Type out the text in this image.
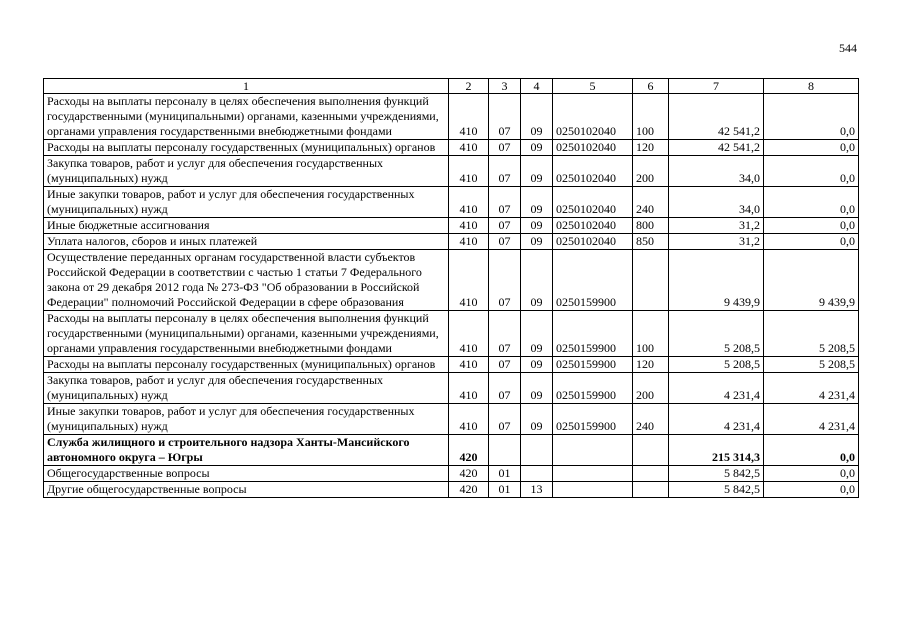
544
1	2	3	4	5	6	7	8
Расходы на выплаты персоналу в целях обеспечения выполнения функций государственными (муниципальными) органами, казенными учреждениями, органами управления государственными внебюджетными фондами	410	07	09	0250102040	100	42 541,2	0,0
Расходы на выплаты персоналу государственных (муниципальных) органов	410	07	09	0250102040	120	42 541,2	0,0
Закупка товаров, работ и услуг для обеспечения государственных (муниципальных) нужд	410	07	09	0250102040	200	34,0	0,0
Иные закупки товаров, работ и услуг для обеспечения государственных (муниципальных) нужд	410	07	09	0250102040	240	34,0	0,0
Иные бюджетные ассигнования	410	07	09	0250102040	800	31,2	0,0
Уплата налогов, сборов и иных платежей	410	07	09	0250102040	850	31,2	0,0
Осуществление переданных органам государственной власти субъектов Российской Федерации в соответствии с частью 1 статьи 7 Федерального закона от 29 декабря 2012 года № 273-ФЗ "Об образовании в Российской Федерации" полномочий Российской Федерации в сфере образования	410	07	09	0250159900		9 439,9	9 439,9
Расходы на выплаты персоналу в целях обеспечения выполнения функций государственными (муниципальными) органами, казенными учреждениями, органами управления государственными внебюджетными фондами	410	07	09	0250159900	100	5 208,5	5 208,5
Расходы на выплаты персоналу государственных (муниципальных) органов	410	07	09	0250159900	120	5 208,5	5 208,5
Закупка товаров, работ и услуг для обеспечения государственных (муниципальных) нужд	410	07	09	0250159900	200	4 231,4	4 231,4
Иные закупки товаров, работ и услуг для обеспечения государственных (муниципальных) нужд	410	07	09	0250159900	240	4 231,4	4 231,4
Служба жилищного и строительного надзора Ханты-Мансийского автономного округа – Югры	420					215 314,3	0,0
Общегосударственные вопросы	420	01				5 842,5	0,0
Другие общегосударственные вопросы	420	01	13			5 842,5	0,0
